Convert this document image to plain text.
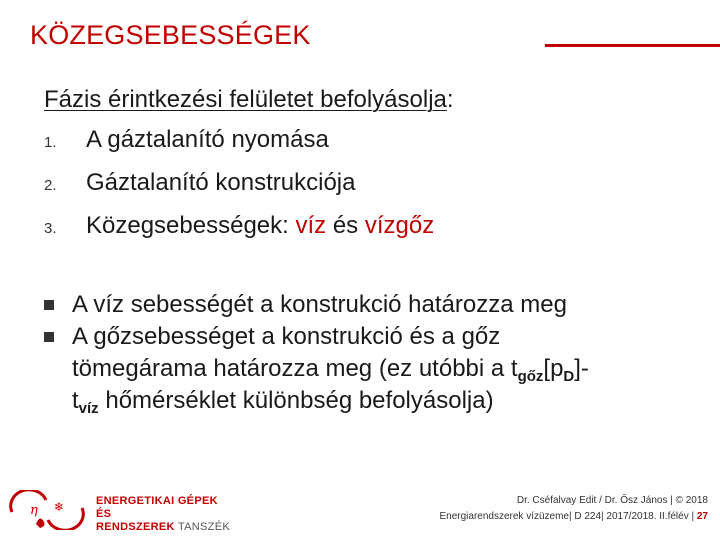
KÖZEGSEBESSÉGEK
Fázis érintkezési felületet befolyásolja:
1.	A gáztalanító nyomása
2.	Gáztalanító konstrukciója
3.	Közegsebességek: víz és vízgőz
A víz sebességét a konstrukció határozza meg
A gőzsebességet a konstrukció és a gőz
tömegárama határozza meg (ez utóbbi a $t_{gőz}[p_D]-$
$t_{víz}$ hőmérséklet különbség befolyásolja)
η ❄	ENERGETIKAI GÉPEK ÉS
RENDSZEREK TANSZÉK
Dr. Cséfalvay Edit / Dr. Ősz János | © 2018
Energiarendszerek vízüzeme| D 224| 2017/2018. II.félév | 27
